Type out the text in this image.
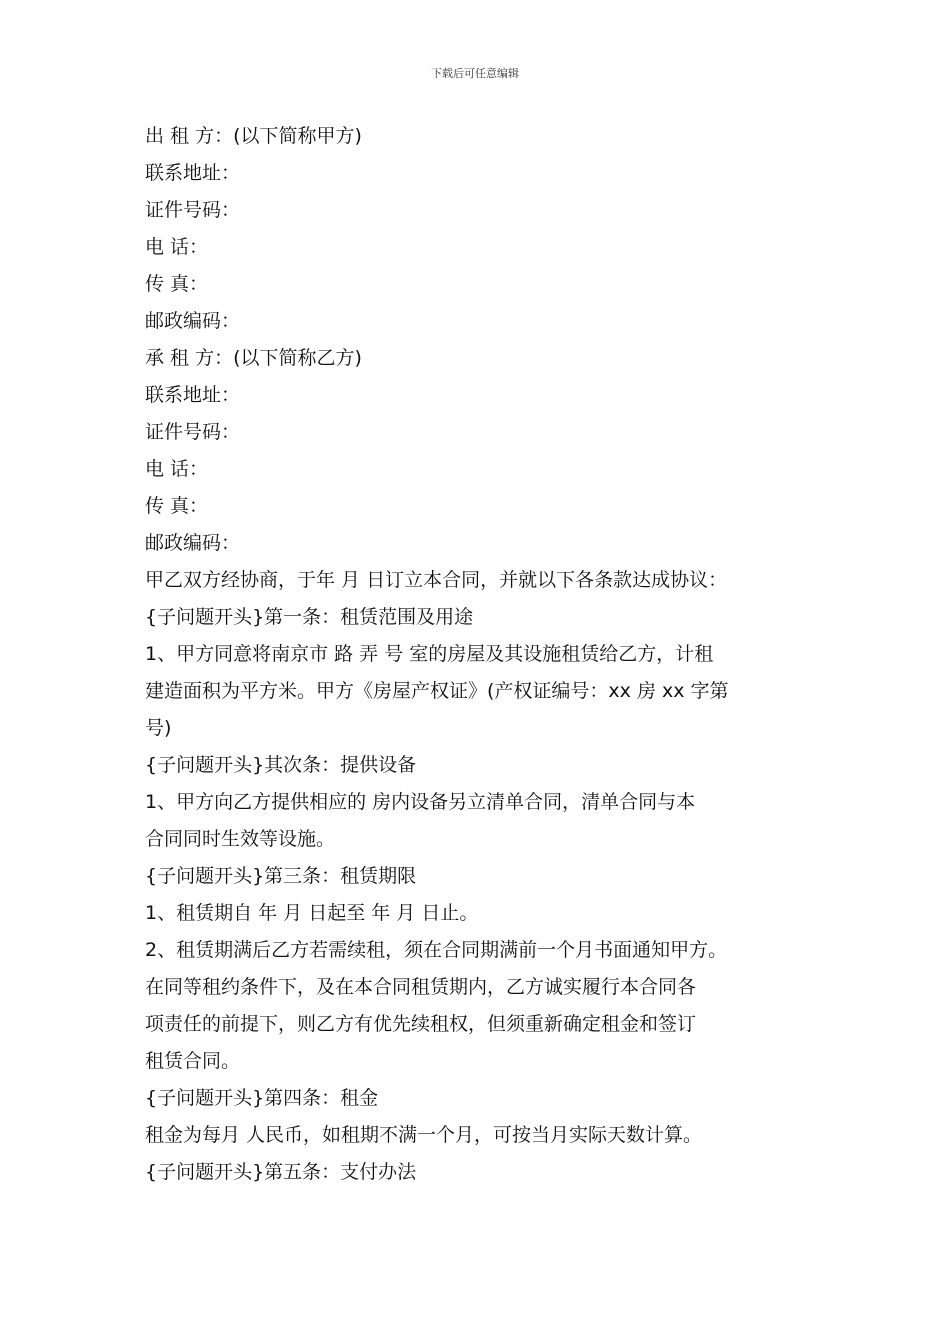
下载后可任意编辑
出 租 方：(以下简称甲方)
联系地址：
证件号码：
电 话：
传 真：
邮政编码：
承 租 方：(以下简称乙方)
联系地址：
证件号码：
电 话：
传 真：
邮政编码：
甲乙双方经协商，于年 月 日订立本合同，并就以下各条款达成协议：
{子问题开头}第一条：租赁范围及用途
1、甲方同意将南京市 路 弄 号 室的房屋及其设施租赁给乙方，计租
建造面积为平方米。甲方《房屋产权证》(产权证编号：xx 房 xx 字第
号)
{子问题开头}其次条：提供设备
1、甲方向乙方提供相应的 房内设备另立清单合同，清单合同与本
合同同时生效等设施。
{子问题开头}第三条：租赁期限
1、租赁期自 年 月 日起至 年 月 日止。
2、租赁期满后乙方若需续租，须在合同期满前一个月书面通知甲方。
在同等租约条件下，及在本合同租赁期内，乙方诚实履行本合同各
项责任的前提下，则乙方有优先续租权，但须重新确定租金和签订
租赁合同。
{子问题开头}第四条：租金
租金为每月 人民币，如租期不满一个月，可按当月实际天数计算。
{子问题开头}第五条：支付办法
